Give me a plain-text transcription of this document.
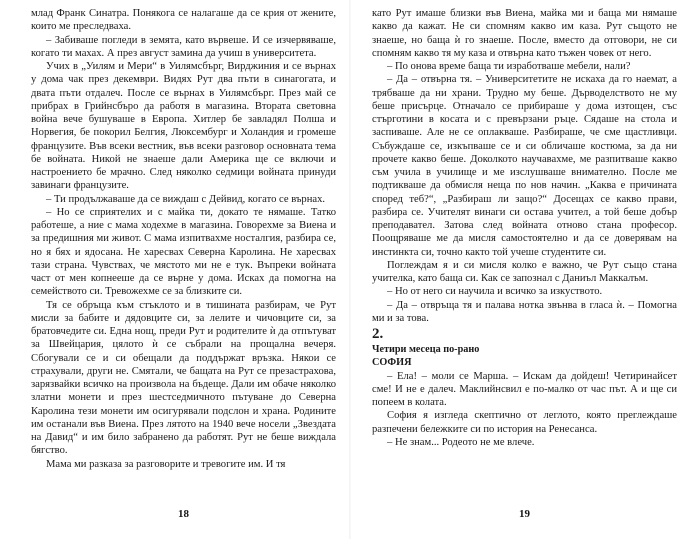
млад Франк Синатра. Понякога се налагаше да се крия от жените, които ме преследваха.

– Забиваше погледи в земята, като вървеше. И се изчервяваше, когато ти махах. А през август замина да учиш в университета.

Учих в „Уилям и Мери“ в Уилямсбърг, Вирджиния и се върнах у дома чак през декември. Видях Рут два пъти в синагогата, и двата пъти отдалеч. После се върнах в Уилямсбърг. През май се прибрах в Грийнсбъро да работя в магазина. Втората световна война вече бушуваше в Европа. Хитлер бе завладял Полша и Норвегия, бе покорил Белгия, Люксембург и Холандия и громеше французите. Във всеки вестник, във всеки разговор основната тема бе войната. Никой не знаеше дали Америка ще се включи и настроението бе мрачно. След няколко седмици войната принуди завинаги французите.

– Ти продължаваше да се виждаш с Дейвид, когато се върнах.

– Но се сприятелих и с майка ти, докато те нямаше. Татко работеше, а ние с мама ходехме в магазина. Говорехме за Виена и за предишния ми живот. С мама изпитвахме носталгия, разбира се, но я бях и ядосана. Не харесвах Северна Каролина. Не харесвах тази страна. Чувствах, че мястото ми не е тук. Въпреки войната част от мен копнееше да се върне у дома. Исках да помогна на семейството си. Тревожехме се за близките си.

Тя се обръща към стъклото и в тишината разбирам, че Рут мисли за бабите и дядовците си, за лелите и чичовците си, за братовчедите си. Една нощ, преди Рут и родителите ѝ да отпътуват за Швейцария, цялото ѝ се събрали на прощална вечеря. Сбогували се и си обещали да поддържат връзка. Някои се страхували, други не. Смятали, че бащата на Рут се презастрахова, зарязвайки всичко на произвола на бъдеще. Дали им обаче няколко златни монети и през шестседмичното пътуване до Северна Каролина тези монети им осигурявали подслон и храна. Родините им останали във Виена. През лятото на 1940 вече носели „Звездата на Давид“ и им било забранено да работят. Рут не беше виждала бягство.

Мама ми разказа за разговорите и тревогите им. И тя

18

като Рут имаше близки във Виена, майка ми и баща ми нямаше какво да кажат. Не си спомням какво им каза. Рут същото не знаеше, но баща ѝ го знаеше. После, вместо да отговори, не си спомням какво тя му каза и отвърна като тъжен човек от него.

– По онова време баща ти изработваше мебели, нали?

– Да – отвърна тя. – Университетите не искаха да го наемат, а трябваше да ни храни. Трудно му беше. Дърводелството не му беше присърце. Отначало се прибираше у дома изтощен, със стърготини в косата и с превързани ръце. Сядаше на стола и заспиваше. Але не се оплакваше. Разбираше, че сме щастливци. Събуждаше се, изкъпваше се и си обличаше костюма, за да ни прочете какво беше. Доколкото научавахме, ме разпитваше какво съм учила в училище и ме изслушваше внимателно. После ме подтикваше да обмисля неща по нов начин. „Каква е причината според теб?“, „Разбираш ли защо?“ Досещах се какво прави, разбира се. Учителят винаги си остава учител, а той беше добър преподавател. Затова след войната отново стана професор. Поощряваше ме да мисля самостоятелно и да се доверявам на инстинкта си, точно както той учеше студентите си.

Поглеждам я и си мисля колко е важно, че Рут също стана учителка, като баща си. Как се запознал с Даниъл Маккалъм.

– Но от него си научила и всичко за изкуството.

– Да – отвръща тя и палава нотка звънва в гласа ѝ. – Помогна ми и за това.

2.

Четири месеца по-рано

СОФИЯ

– Ела! – моли се Марша. – Искам да дойдеш! Четиринайсет сме! И не е далеч. Маклийнсвил е по-малко от час път. А и ще си попеем в колата.

София я изгледа скептично от леглото, която преглеждаше разпечени бележките си по история на Ренесанса.

– Не знам... Родеото не ме влече.

19
